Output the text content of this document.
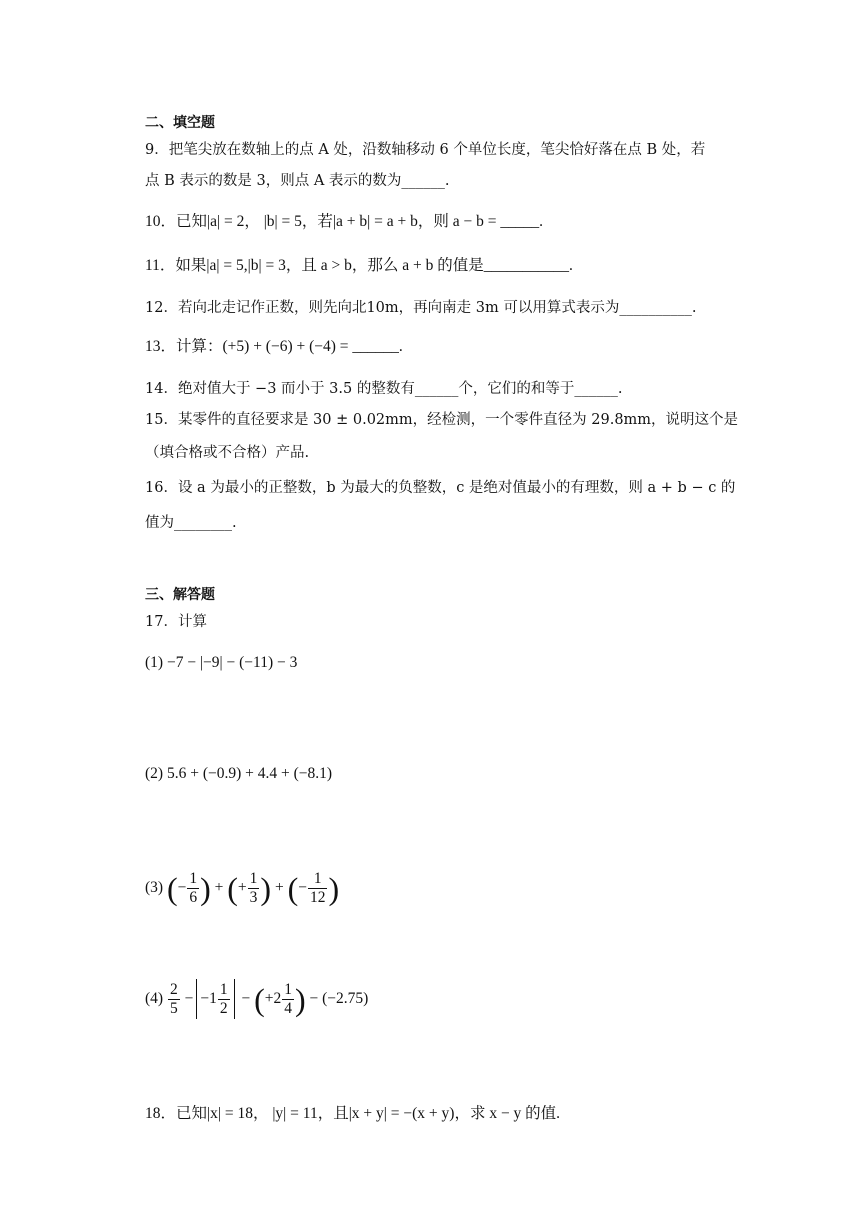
二、填空题
9．把笔尖放在数轴上的点 A 处，沿数轴移动 6 个单位长度，笔尖恰好落在点 B 处，若
点 B 表示的数是 3，则点 A 表示的数为______.
10．已知|a| = 2， |b| = 5，若|a + b| = a + b，则 a − b = _____.
11．如果|a| = 5,|b| = 3，且 a > b，那么 a + b 的值是___________.
12．若向北走记作正数，则先向北10m，再向南走 3m 可以用算式表示为__________.
13．计算：(+5) + (−6) + (−4) = ______.
14．绝对值大于 −3 而小于 3.5 的整数有______个，它们的和等于______.
15．某零件的直径要求是 30 ± 0.02mm，经检测，一个零件直径为 29.8mm，说明这个是
（填合格或不合格）产品.
16．设 a 为最小的正整数，b 为最大的负整数，c 是绝对值最小的有理数，则 a + b − c 的
值为________.
三、解答题
17．计算
(1) −7 − |−9| − (−11) − 3
(2) 5.6 + (−0.9) + 4.4 + (−8.1)
(3) (− $\frac{1}{6}$ ) + (+ $\frac{1}{3}$ ) + (− $\frac{1}{12}$ )
$(4) \frac{2}{5} - -1 \frac{1}{2} - (+2 \frac{1}{4}$ ) − (−2.75)
18．已知|x| = 18， |y| = 11，且|x + y| = −(x + y)，求 x − y 的值.
